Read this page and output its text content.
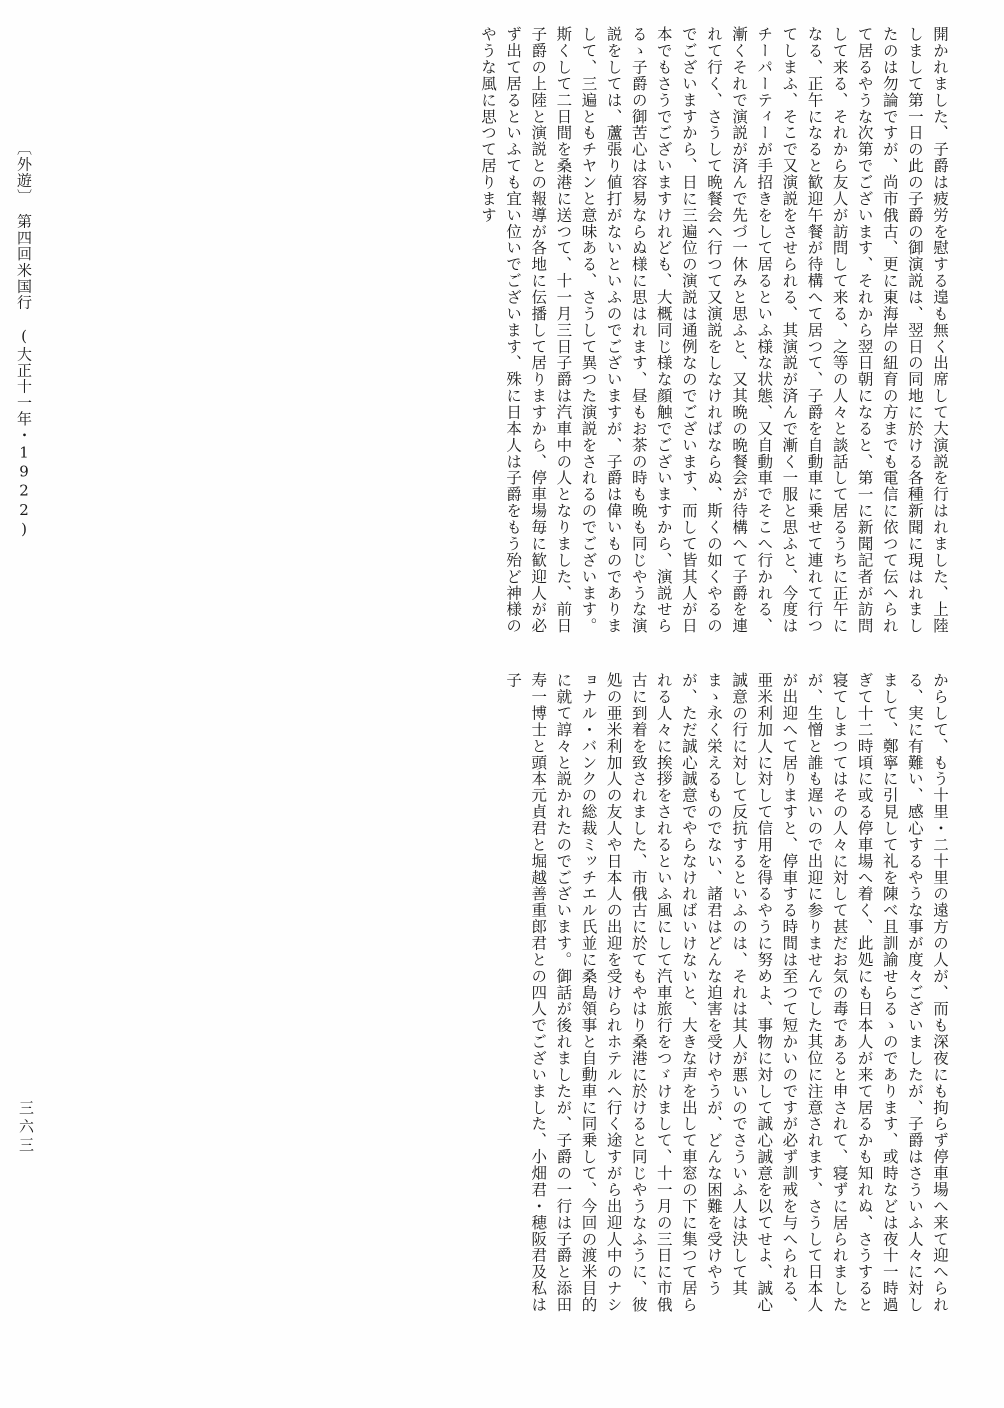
〔外遊〕　第四回米国行　(大正十一年・1922)
三六三
開かれました、子爵は疲労を慰する遑も無く出席して大演説を行はれました、上陸しまして第一日の此の子爵の御演説は、翌日の同地に於ける各種新聞に現はれましたのは勿論ですが、尚市俄古、更に東海岸の紐育の方までも電信に依つて伝へられて居るやうな次第でございます、それから翌日朝になると、第一に新聞記者が訪問して来る、それから友人が訪問して来る、之等の人々と談話して居るうちに正午になる、正午になると歓迎午餐が待構へて居つて、子爵を自動車に乗せて連れて行つてしまふ、そこで又演説をさせられる、其演説が済んで漸く一服と思ふと、今度はチーパーティーが手招きをして居るといふ様な状態、又自動車でそこへ行かれる、漸くそれで演説が済んで先づ一休みと思ふと、又其晩の晩餐会が待構へて子爵を連れて行く、さうして晩餐会へ行つて又演説をしなければならぬ、斯くの如くやるのでございますから、日に三遍位の演説は通例なのでございます、而して皆其人が日本でもさうでございますけれども、大概同じ様な顔触でございますから、演説せらるゝ子爵の御苦心は容易ならぬ様に思はれます、昼もお茶の時も晩も同じやうな演説をしては、蘆張り値打がないといふのでございますが、子爵は偉いものでありまして、三遍ともチヤンと意味ある、さうして異つた演説をされるのでございます。斯くして二日間を桑港に送つて、十一月三日子爵は汽車中の人となりました、前日子爵の上陸と演説との報導が各地に伝播して居りますから、停車場毎に歓迎人が必ず出て居るといふても宜い位いでございます、殊に日本人は子爵をもう殆ど神様のやうな風に思つて居ります
からして、もう十里・二十里の遠方の人が、而も深夜にも拘らず停車場へ来て迎へられる、実に有難い、感心するやうな事が度々ございましたが、子爵はさういふ人々に対しまして、鄭寧に引見して礼を陳べ且訓諭せらるゝのであります、或時などは夜十一時過ぎて十二時頃に或る停車場へ着く、此処にも日本人が来て居るかも知れぬ、さうすると寝てしまつてはその人々に対して甚だお気の毒であると申されて、寝ずに居られましたが、生憎と誰も遅いので出迎に参りませんでした其位に注意されます、さうして日本人が出迎へて居りますと、停車する時間は至つて短かいのですが必ず訓戒を与へられる、亜米利加人に対して信用を得るやうに努めよ、事物に対して誠心誠意を以てせよ、誠心誠意の行に対して反抗するといふのは、それは其人が悪いのでさういふ人は決して其まゝ永く栄えるものでない、諸君はどんな迫害を受けやうが、どんな困難を受けやうが、ただ誠心誠意でやらなければいけないと、大きな声を出して車窓の下に集つて居られる人々に挨拶をされるといふ風にして汽車旅行をつゞけまして、十一月の三日に市俄古に到着を致されました、市俄古に於てもやはり桑港に於けると同じやうなふうに、彼処の亜米利加人の友人や日本人の出迎を受けられホテルへ行く途すがら出迎人中のナショナル・バンクの総裁ミッチエル氏並に桑島領事と自動車に同乗して、今回の渡米目的に就て諄々と説かれたのでございます。御話が後れましたが、子爵の一行は子爵と添田寿一博士と頭本元貞君と堀越善重郎君との四人でございました、小畑君・穂阪君及私は子
